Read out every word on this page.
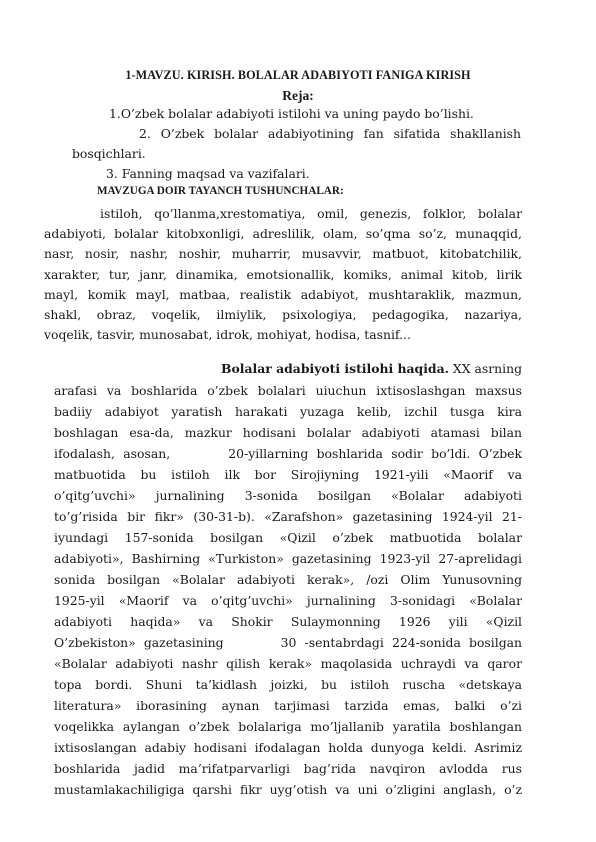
1-MAVZU. KIRISH. BOLALAR ADABIYOTI FANIGA KIRISH
Reja:
1.O’zbek bolalar adabiyoti istilohi va uning paydo bo’lishi.
2. O’zbek bolalar adabiyotining fan sifatida shakllanish
bosqichlari.
3. Fanning maqsad va vazifalari.
MAVZUGA DOIR TAYANCH TUSHUNCHALAR:
istiloh, qo’llanma,xrestomatiya, omil, genezis, folklor, bolalar
adabiyoti, bolalar kitobxonligi, adreslilik, olam, so’qma so’z, munaqqid,
nasr, nosir, nashr, noshir, muharrir, musavvir, matbuot, kitobatchilik,
xarakter, tur, janr, dinamika, emotsionallik, komiks, animal kitob, lirik
mayl, komik mayl, matbaa, realistik adabiyot, mushtaraklik, mazmun,
shakl, obraz, voqelik, ilmiylik, psixologiya, pedagogika, nazariya,
voqelik, tasvir, munosabat, idrok, mohiyat, hodisa, tasnif...
Bolalar adabiyoti istilohi haqida. XX asrning
arafasi va boshlarida o’zbek bolalari uiuchun ixtisoslashgan maxsus
badiiy adabiyot yaratish harakati yuzaga kelib, izchil tusga kira
boshlagan esa-da, mazkur hodisani bolalar adabiyoti atamasi bilan
ifodalash, asosan,       20-yillarning boshlarida sodir bo’ldi. O’zbek
matbuotida bu istiloh ilk bor Sirojiyning 1921-yili «Maorif va
o’qitg’uvchi» jurnalining 3-sonida bosilgan «Bolalar adabiyoti
to’g’risida bir fikr» (30-31-b). «Zarafshon» gazetasining 1924-yil 21-
iyundagi 157-sonida bosilgan «Qizil o’zbek matbuotida bolalar
adabiyoti», Bashirning «Turkiston» gazetasining 1923-yil 27-aprelidagi
sonida bosilgan «Bolalar adabiyoti kerak», /ozi Olim Yunusovning
1925-yil «Maorif va o’qitg’uvchi» jurnalining 3-sonidagi «Bolalar
adabiyoti haqida» va Shokir Sulaymonning 1926 yili «Qizil
O’zbekiston» gazetasining       30 -sentabrdagi 224-sonida bosilgan
«Bolalar adabiyoti nashr qilish kerak» maqolasida uchraydi va qaror
topa bordi. Shuni ta’kidlash joizki, bu istiloh ruscha «detskaya
literatura» iborasining aynan tarjimasi tarzida emas, balki o’zi
voqelikka aylangan o’zbek bolalariga mo’ljallanib yaratila boshlangan
ixtisoslangan adabiy hodisani ifodalagan holda dunyoga keldi. Asrimiz
boshlarida jadid ma’rifatparvarligi bag’rida navqiron avlodda rus
mustamlakachiligiga qarshi fikr uyg’otish va uni o’zligini anglash, o’z
